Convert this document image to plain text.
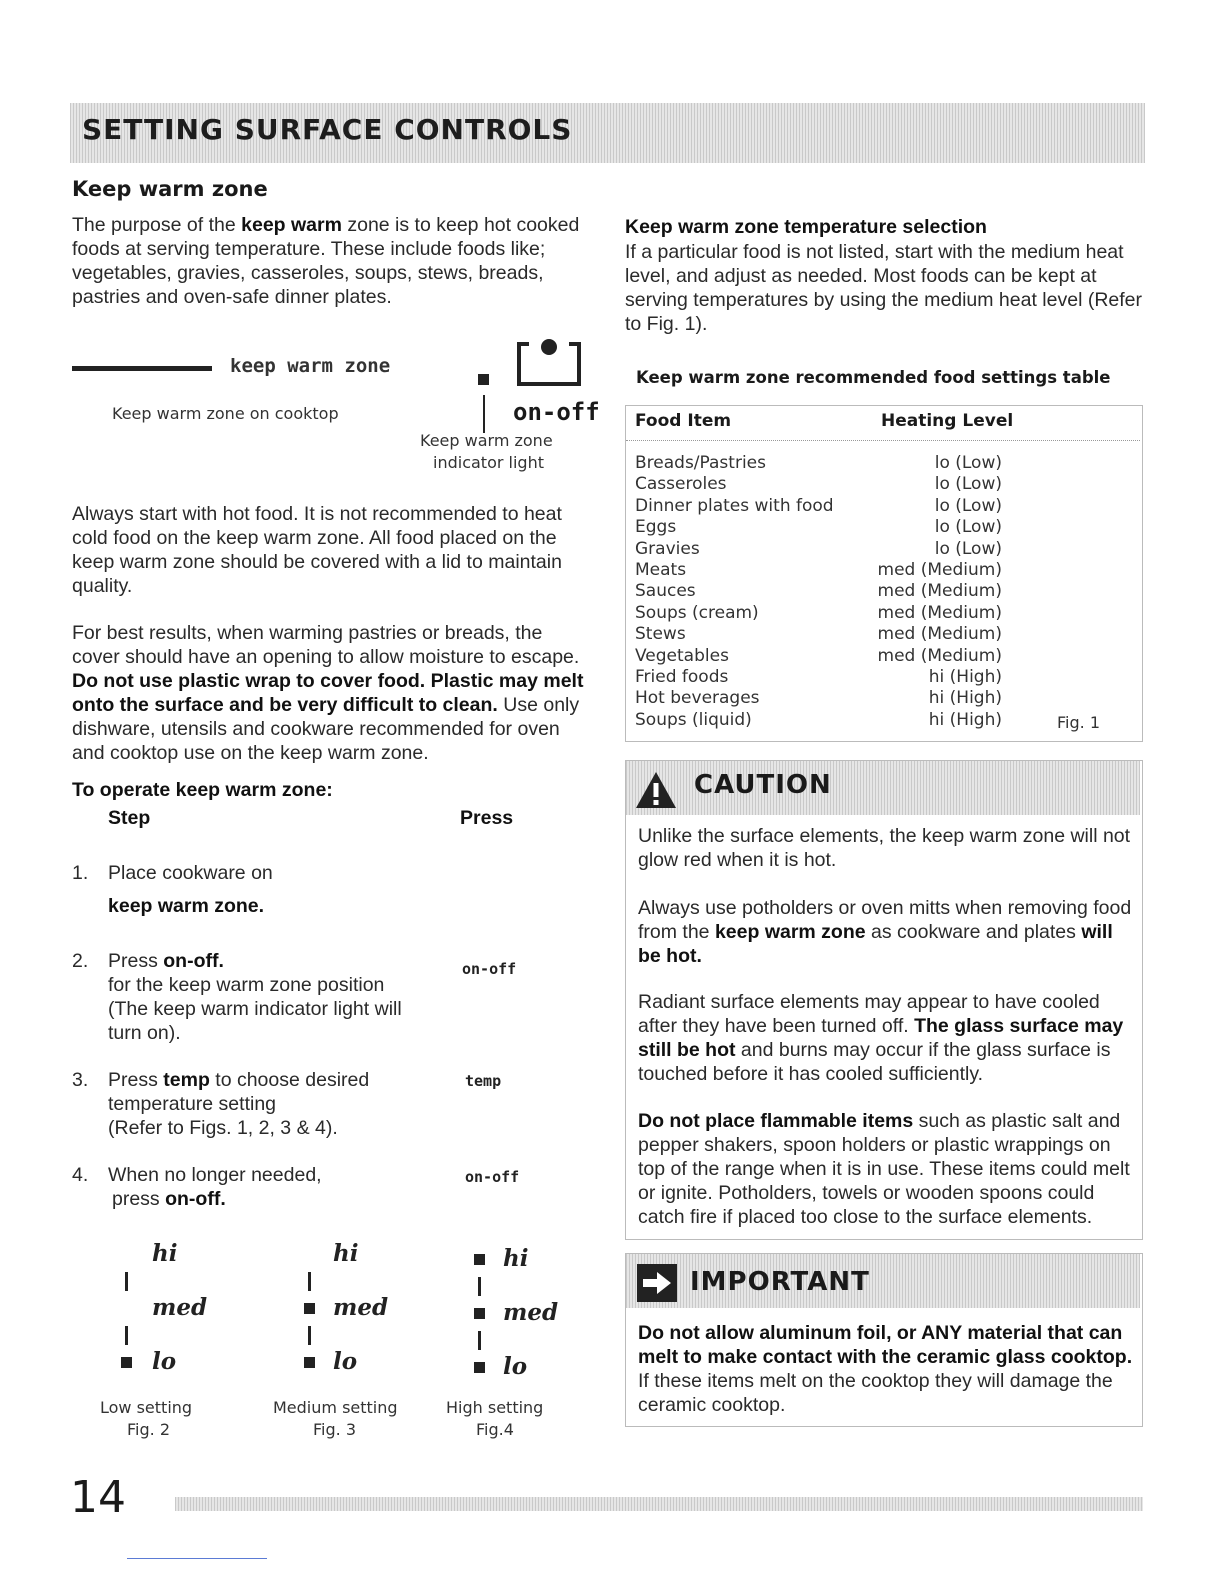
SETTING SURFACE CONTROLS
Keep warm zone
The purpose of the keep warm zone is to keep hot cooked foods at serving temperature. These include foods like; vegetables, gravies, casseroles, soups, stews, breads, pastries and oven-safe dinner plates.
keep warm zone
Keep warm zone on cooktop	on-off
Keep warm zone
indicator light
Always start with hot food. It is not recommended to heat cold food on the keep warm zone. All food placed on the keep warm zone should be covered with a lid to maintain quality.
For best results, when warming pastries or breads, the cover should have an opening to allow moisture to escape. Do not use plastic wrap to cover food. Plastic may melt onto the surface and be very difficult to clean. Use only dishware, utensils and cookware recommended for oven and cooktop use on the keep warm zone.
To operate keep warm zone:
Step	Press
1. Place cookware on
keep warm zone.
2. Press on-off.
for the keep warm zone position
(The keep warm indicator light will
turn on).
on-off
3. Press temp to choose desired
temperature setting
(Refer to Figs. 1, 2, 3 & 4).
temp
4. When no longer needed,
press on-off.
on-off
hi
med
lo
Low setting
Fig. 2
hi
med
lo
Medium setting
Fig. 3
hi
med
lo
High setting
Fig.4
Keep warm zone temperature selection
If a particular food is not listed, start with the medium heat level, and adjust as needed. Most foods can be kept at serving temperatures by using the medium heat level (Refer to Fig. 1).
Keep warm zone recommended food settings table
Food Item	Heating Level
Breads/Pastries	lo (Low)
Casseroles	lo (Low)
Dinner plates with food	lo (Low)
Eggs	lo (Low)
Gravies	lo (Low)
Meats	med (Medium)
Sauces	med (Medium)
Soups (cream)	med (Medium)
Stews	med (Medium)
Vegetables	med (Medium)
Fried foods	hi (High)
Hot beverages	hi (High)
Soups (liquid)	hi (High)	Fig. 1
CAUTION
Unlike the surface elements, the keep warm zone will not glow red when it is hot.
Always use potholders or oven mitts when removing food from the keep warm zone as cookware and plates will be hot.
Radiant surface elements may appear to have cooled after they have been turned off. The glass surface may still be hot and burns may occur if the glass surface is touched before it has cooled sufficiently.
Do not place flammable items such as plastic salt and pepper shakers, spoon holders or plastic wrappings on top of the range when it is in use. These items could melt or ignite. Potholders, towels or wooden spoons could catch fire if placed too close to the surface elements.
IMPORTANT
Do not allow aluminum foil, or ANY material that can melt to make contact with the ceramic glass cooktop. If these items melt on the cooktop they will damage the ceramic cooktop.
14
